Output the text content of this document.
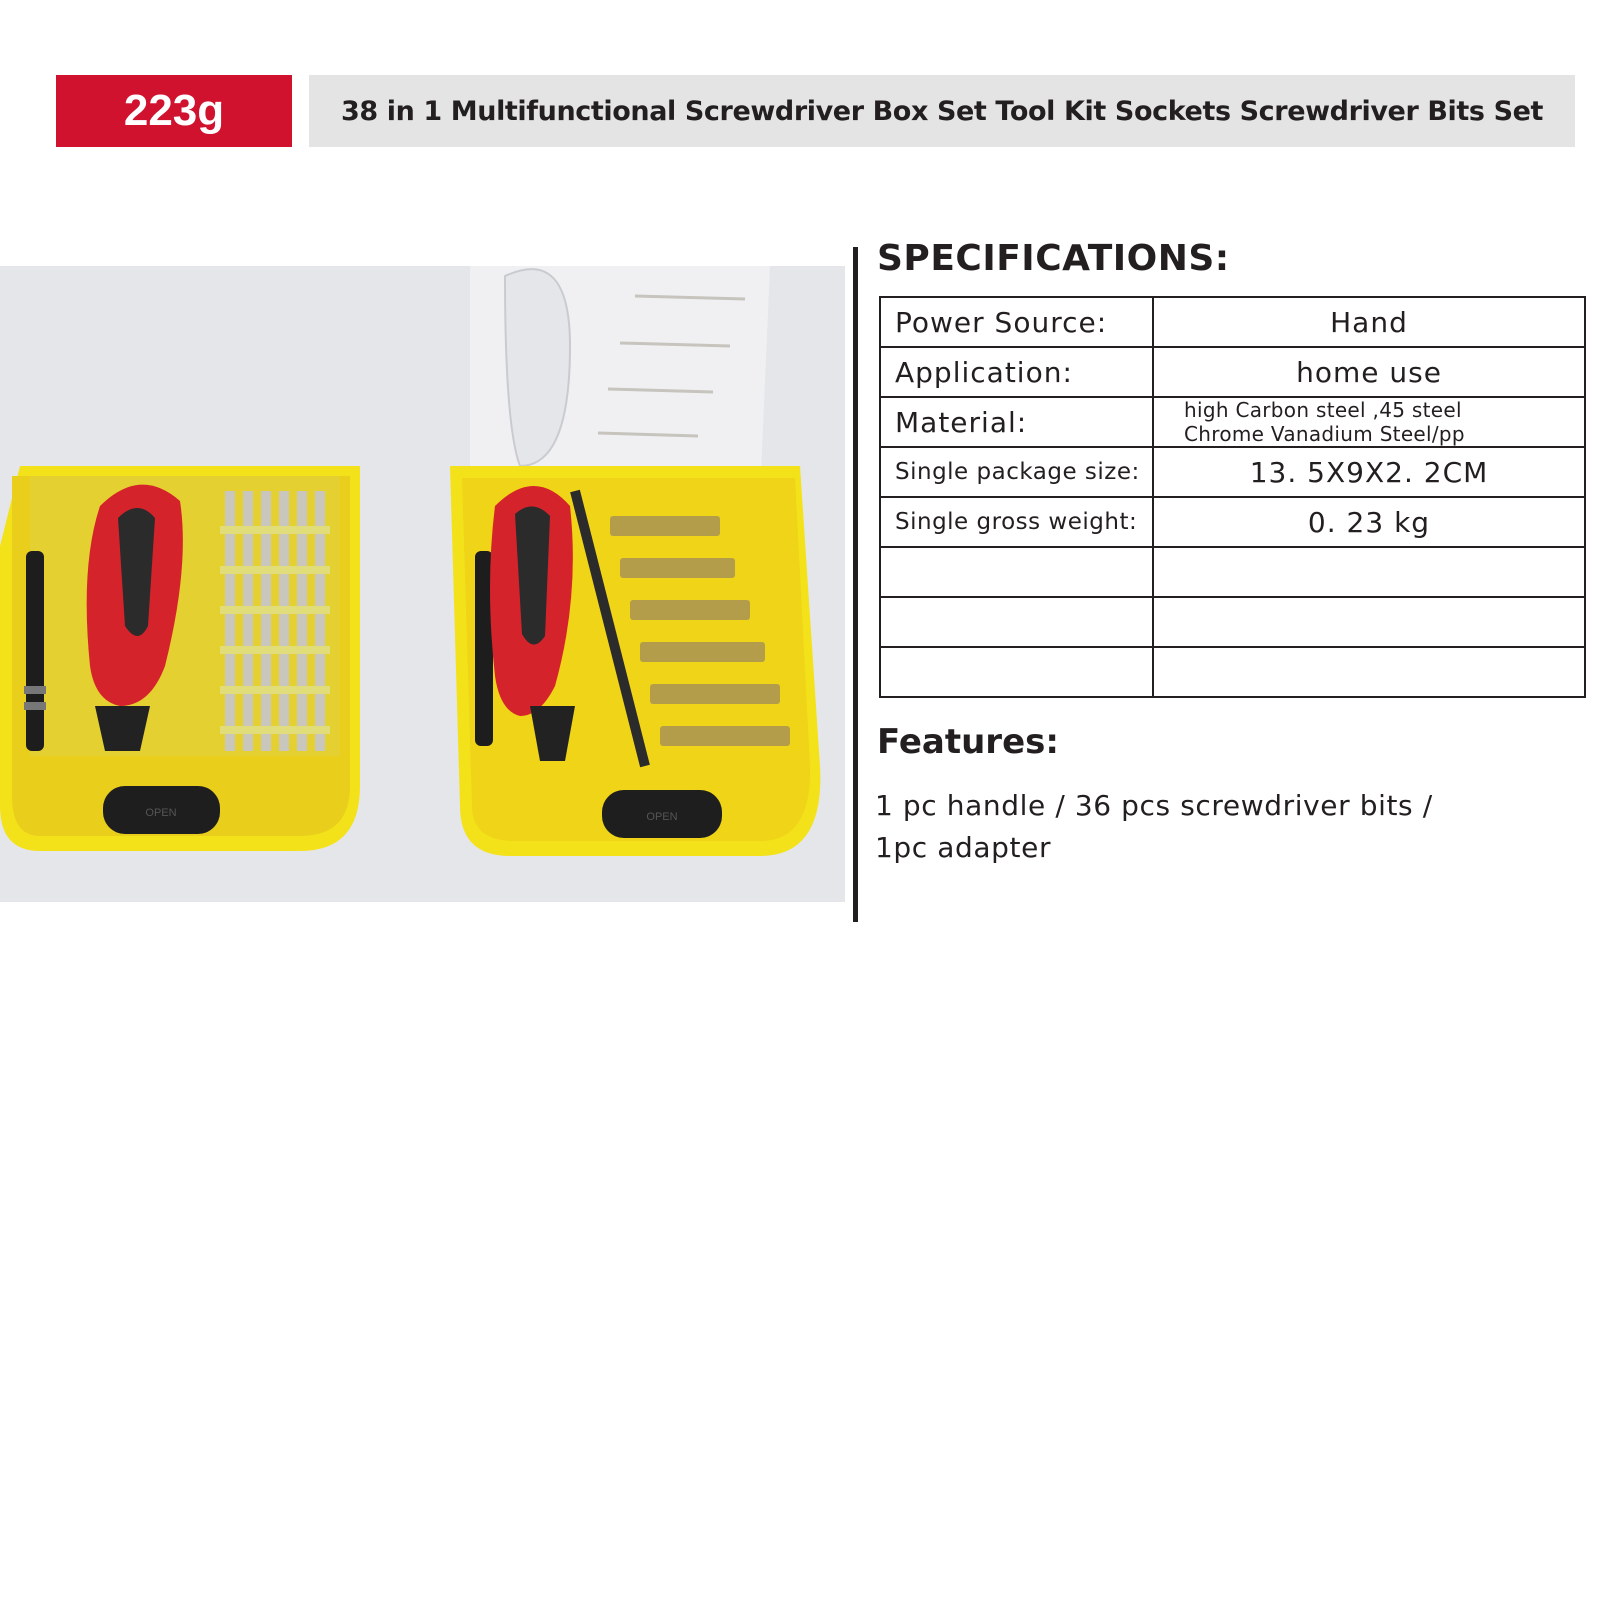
223g	38 in 1 Multifunctional Screwdriver Box Set Tool Kit Sockets Screwdriver Bits Set
OPEN	OPEN
SPECIFICATIONS:
Power Source:	Hand
Application:	home use
Material:	high Carbon steel ,45 steel
Chrome Vanadium Steel/pp

Single package size:	13. 5X9X2. 2CM
Single gross weight:	0. 23 kg

Features:
1 pc handle / 36 pcs screwdriver bits /
1pc adapter
